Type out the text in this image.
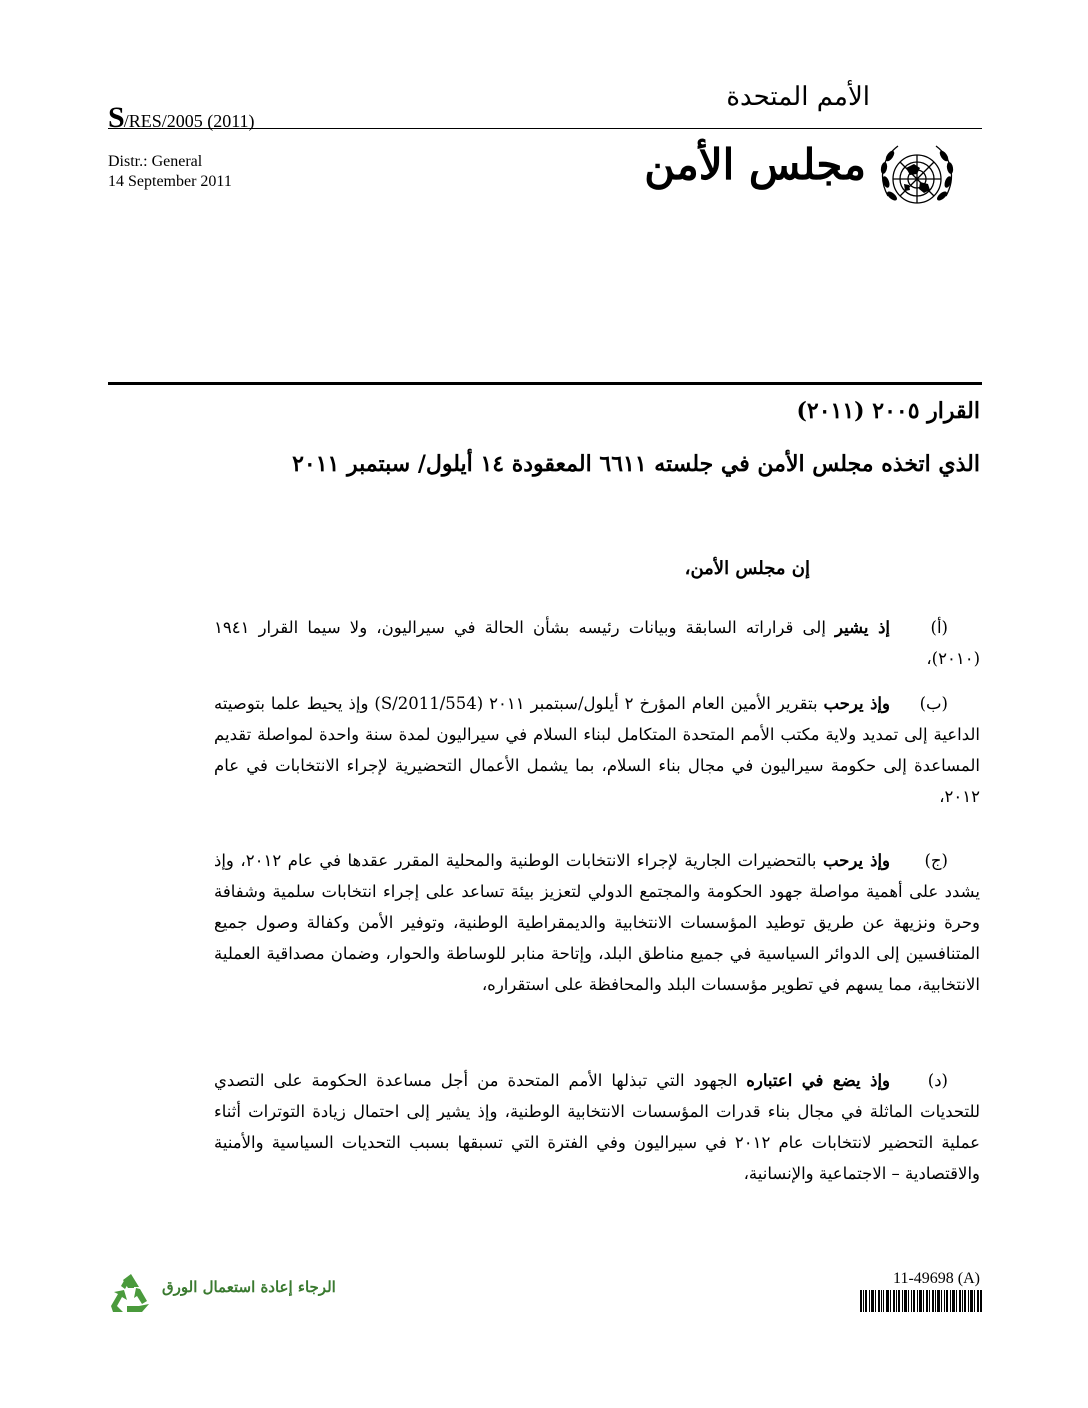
S/RES/2005 (2011)
الأمم المتحدة
Distr.: General
14 September 2011	مجلس الأمن
القرار ٢٠٠٥ (٢٠١١)
الذي اتخذه مجلس الأمن في جلسته ٦٦١١ المعقودة ١٤ أيلول/ سبتمبر ٢٠١١
إن مجلس الأمن،
(أ)إذ يشير إلى قراراته السابقة وبيانات رئيسه بشأن الحالة في سيراليون، ولا سيما القرار ١٩٤١ (٢٠١٠)،
(ب)وإذ يرحب بتقرير الأمين العام المؤرخ ٢ أيلول/سبتمبر ٢٠١١ (S/2011/554) وإذ يحيط علما بتوصيته الداعية إلى تمديد ولاية مكتب الأمم المتحدة المتكامل لبناء السلام في سيراليون لمدة سنة واحدة لمواصلة تقديم المساعدة إلى حكومة سيراليون في مجال بناء السلام، بما يشمل الأعمال التحضيرية لإجراء الانتخابات في عام ٢٠١٢،
(ج)وإذ يرحب بالتحضيرات الجارية لإجراء الانتخابات الوطنية والمحلية المقرر عقدها في عام ٢٠١٢، وإذ يشدد على أهمية مواصلة جهود الحكومة والمجتمع الدولي لتعزيز بيئة تساعد على إجراء انتخابات سلمية وشفافة وحرة ونزيهة عن طريق توطيد المؤسسات الانتخابية والديمقراطية الوطنية، وتوفير الأمن وكفالة وصول جميع المتنافسين إلى الدوائر السياسية في جميع مناطق البلد، وإتاحة منابر للوساطة والحوار، وضمان مصداقية العملية الانتخابية، مما يسهم في تطوير مؤسسات البلد والمحافظة على استقراره،
(د)وإذ يضع في اعتباره الجهود التي تبذلها الأمم المتحدة من أجل مساعدة الحكومة على التصدي للتحديات الماثلة في مجال بناء قدرات المؤسسات الانتخابية الوطنية، وإذ يشير إلى احتمال زيادة التوترات أثناء عملية التحضير لانتخابات عام ٢٠١٢ في سيراليون وفي الفترة التي تسبقها بسبب التحديات السياسية والأمنية والاقتصادية – الاجتماعية والإنسانية،
الرجاء إعادة استعمال الورق	11-49698 (A)
